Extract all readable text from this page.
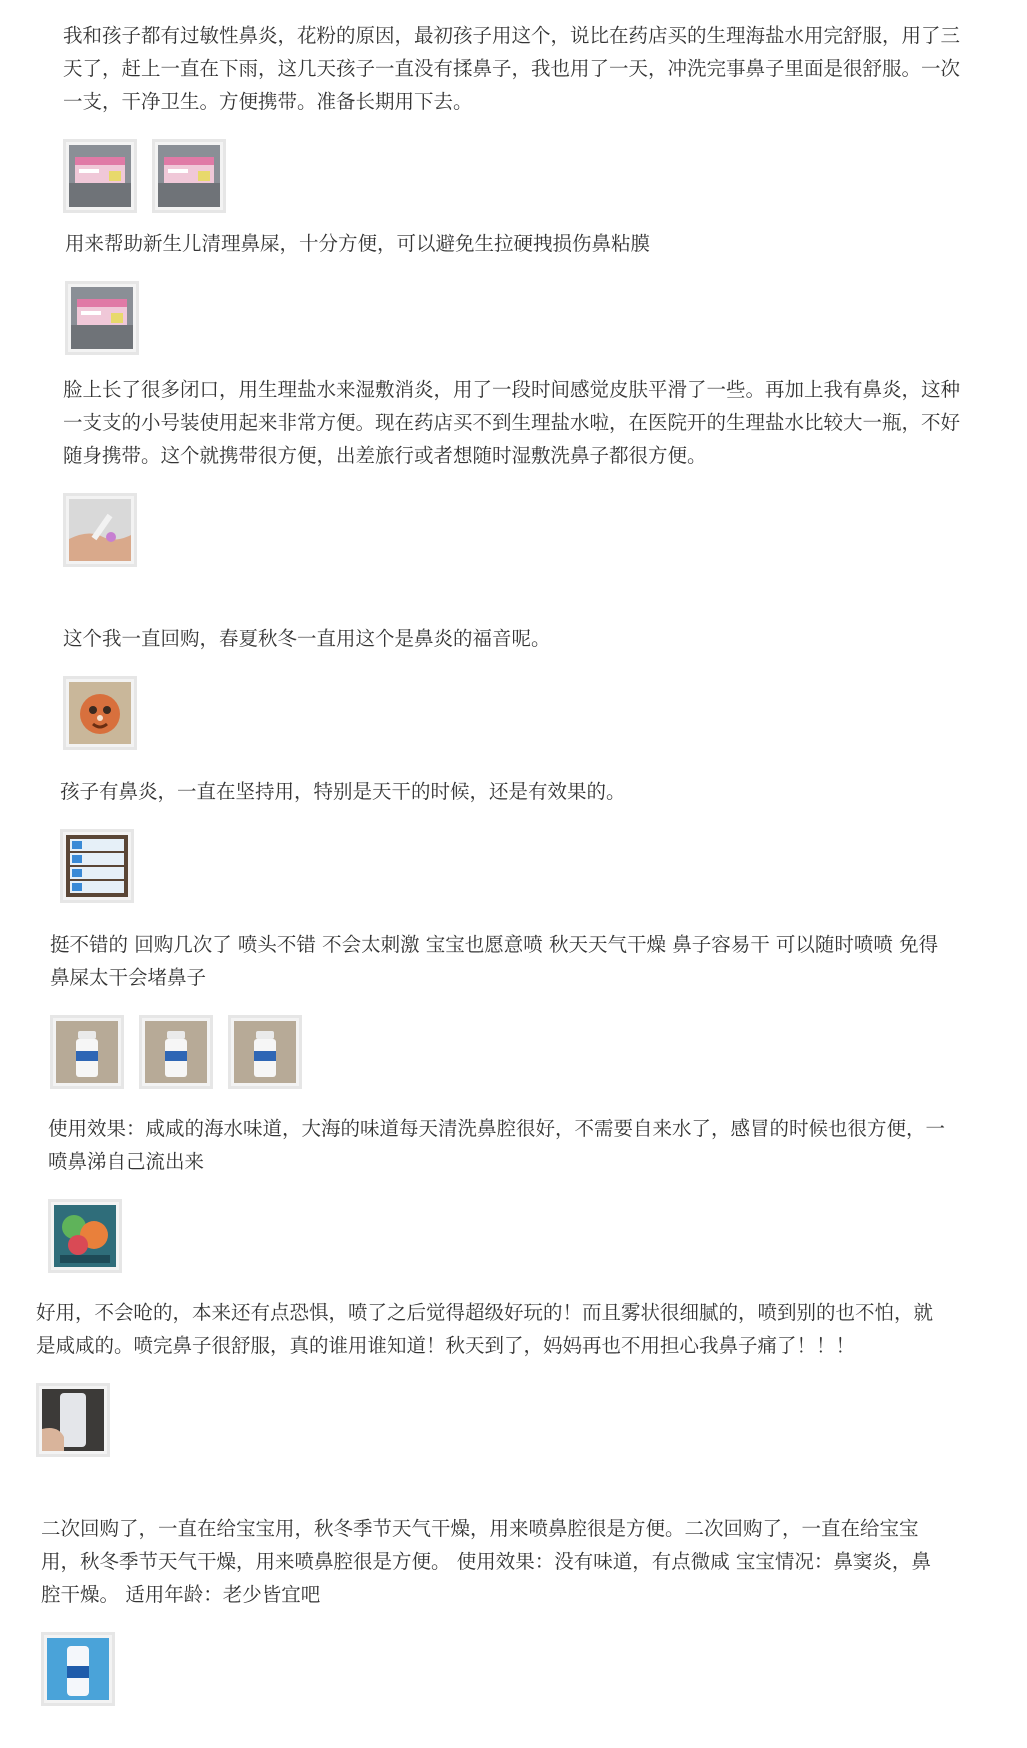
我和孩子都有过敏性鼻炎，花粉的原因，最初孩子用这个，说比在药店买的生理海盐水用完舒服，用了三天了，赶上一直在下雨，这几天孩子一直没有揉鼻子，我也用了一天，冲洗完事鼻子里面是很舒服。一次一支，干净卫生。方便携带。准备长期用下去。

用来帮助新生儿清理鼻屎，十分方便，可以避免生拉硬拽损伤鼻粘膜

脸上长了很多闭口，用生理盐水来湿敷消炎，用了一段时间感觉皮肤平滑了一些。再加上我有鼻炎，这种一支支的小号装使用起来非常方便。现在药店买不到生理盐水啦，在医院开的生理盐水比较大一瓶，不好随身携带。这个就携带很方便，出差旅行或者想随时湿敷洗鼻子都很方便。

这个我一直回购，春夏秋冬一直用这个是鼻炎的福音呢。

孩子有鼻炎，一直在坚持用，特别是天干的时候，还是有效果的。

挺不错的 回购几次了 喷头不错 不会太刺激 宝宝也愿意喷 秋天天气干燥 鼻子容易干 可以随时喷喷 免得鼻屎太干会堵鼻子

使用效果：咸咸的海水味道，大海的味道每天清洗鼻腔很好，不需要自来水了，感冒的时候也很方便，一喷鼻涕自己流出来

好用，不会呛的，本来还有点恐惧，喷了之后觉得超级好玩的！而且雾状很细腻的，喷到别的也不怕，就是咸咸的。喷完鼻子很舒服，真的谁用谁知道！秋天到了，妈妈再也不用担心我鼻子痛了！！！

二次回购了，一直在给宝宝用，秋冬季节天气干燥，用来喷鼻腔很是方便。二次回购了，一直在给宝宝用，秋冬季节天气干燥，用来喷鼻腔很是方便。 使用效果：没有味道，有点微咸 宝宝情况：鼻窦炎，鼻腔干燥。 适用年龄：老少皆宜吧
